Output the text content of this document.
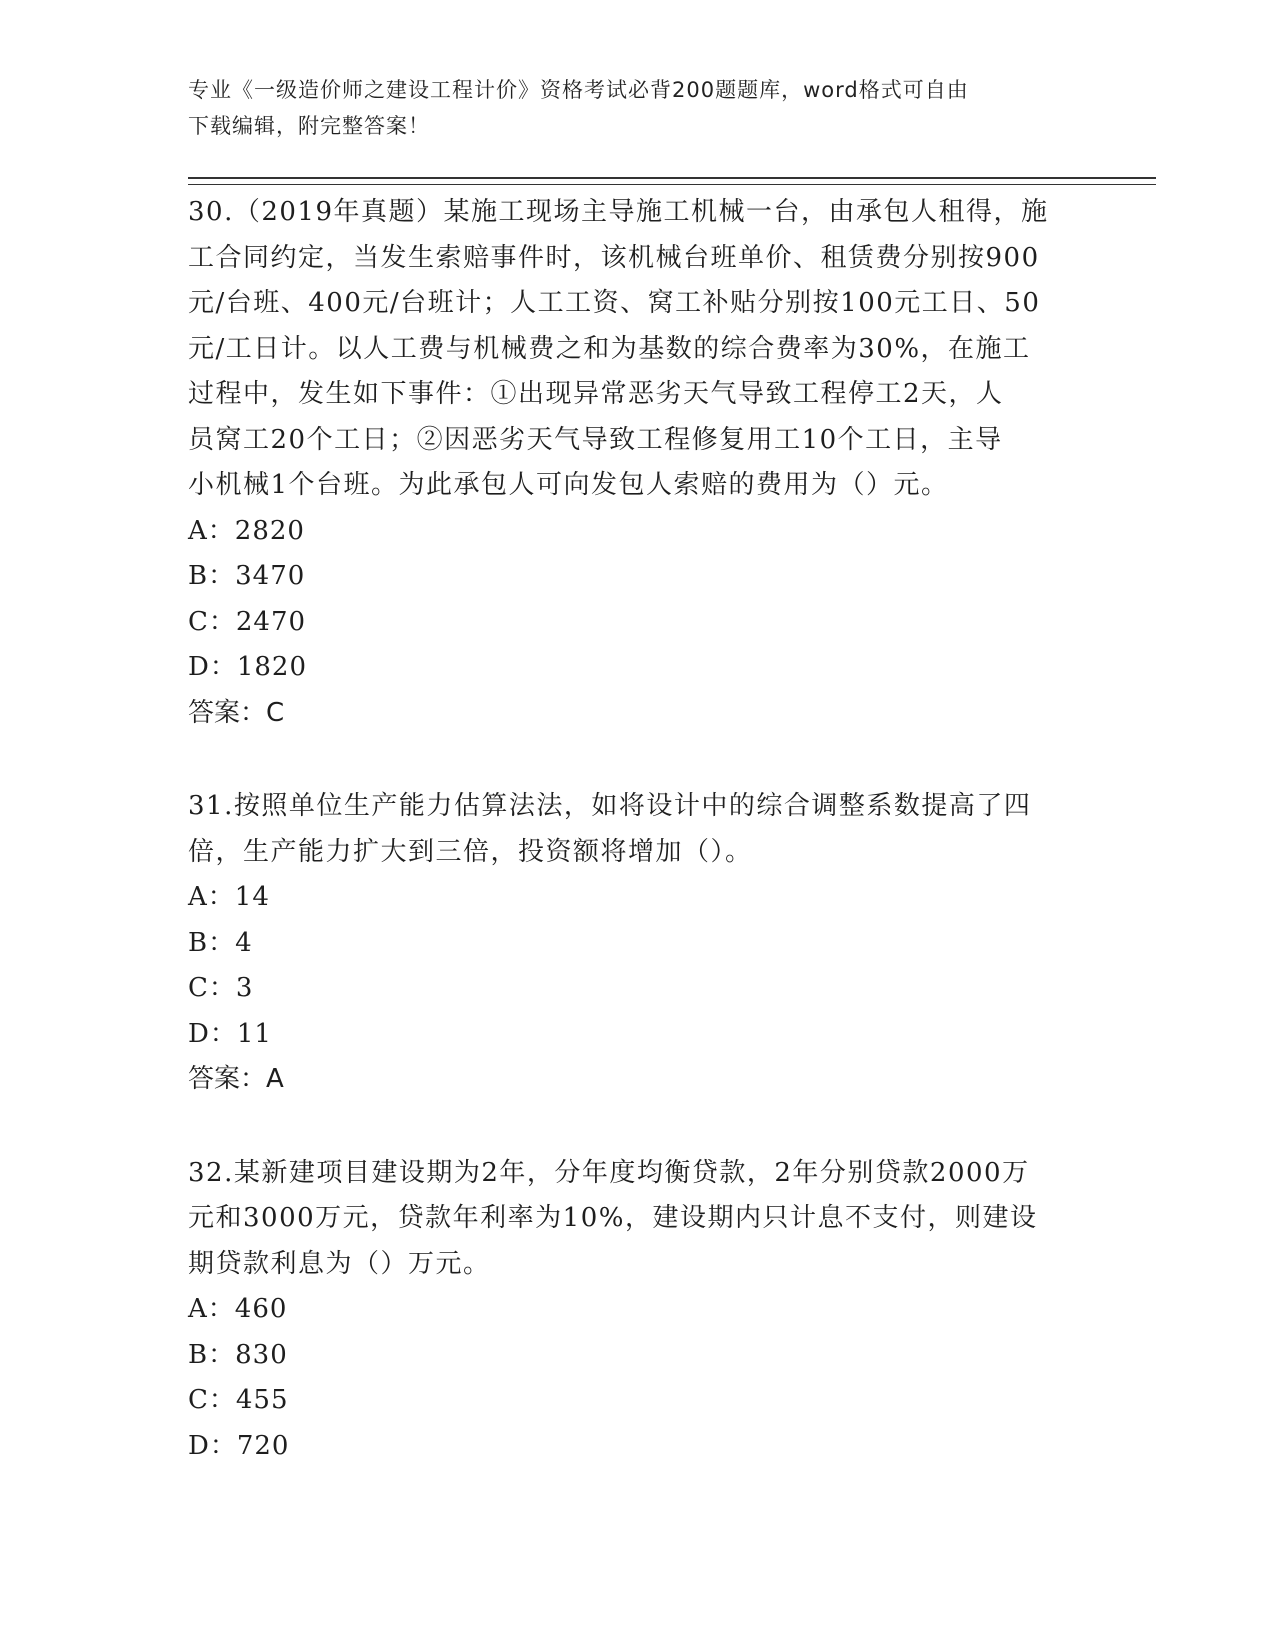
专业《一级造价师之建设工程计价》资格考试必背200题题库，word格式可自由
下载编辑，附完整答案！
30.（2019年真题）某施工现场主导施工机械一台，由承包人租得，施
工合同约定，当发生索赔事件时，该机械台班单价、租赁费分别按900
元/台班、400元/台班计；人工工资、窝工补贴分别按100元工日、50
元/工日计。以人工费与机械费之和为基数的综合费率为30%，在施工
过程中，发生如下事件：①出现异常恶劣天气导致工程停工2天，人
员窝工20个工日；②因恶劣天气导致工程修复用工10个工日，主导
小机械1个台班。为此承包人可向发包人索赔的费用为（）元。
A：2820
B：3470
C：2470
D：1820
答案：C
31.按照单位生产能力估算法法，如将设计中的综合调整系数提高了四
倍，生产能力扩大到三倍，投资额将增加（）。
A：14
B：4
C：3
D：11
答案：A
32.某新建项目建设期为2年，分年度均衡贷款，2年分别贷款2000万
元和3000万元，贷款年利率为10%，建设期内只计息不支付，则建设
期贷款利息为（）万元。
A：460
B：830
C：455
D：720
